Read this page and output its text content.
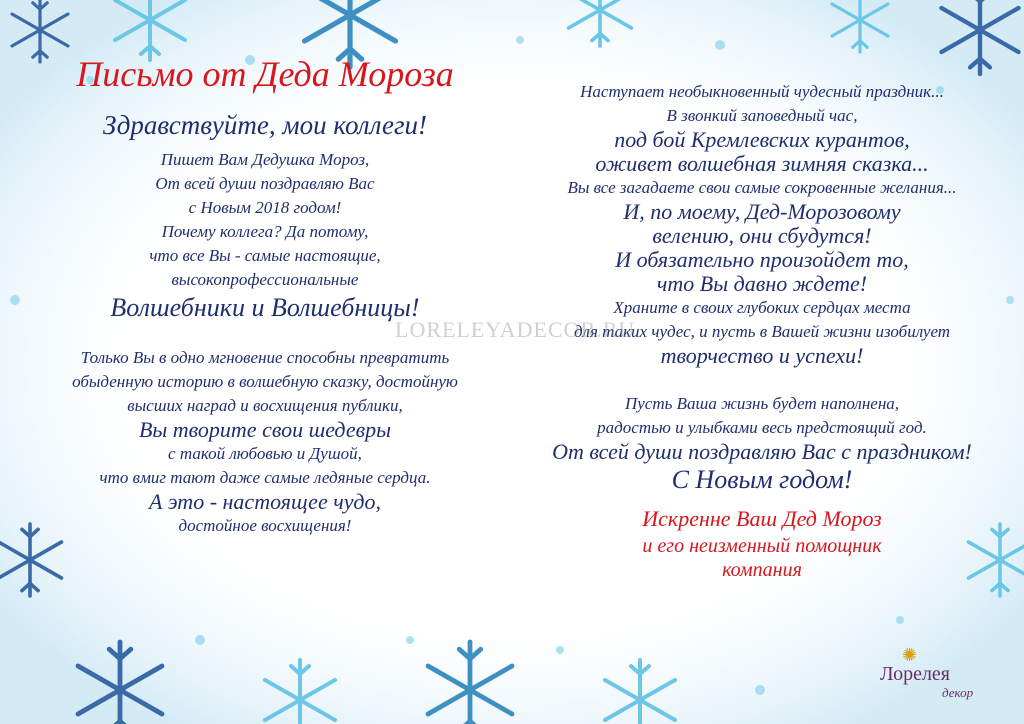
Письмо от Деда Мороза
Здравствуйте, мои коллеги!
Пишет Вам Дедушка Мороз,
От всей души поздравляю Вас
с Новым 2018 годом!
Почему коллега? Да потому,
что все Вы - самые настоящие,
высокопрофессиональные
Волшебники и Волшебницы!
Только Вы в одно мгновение способны превратить
обыденную историю в волшебную сказку, достойную
высших наград и восхищения публики,
Вы творите свои шедевры
с такой любовью и Душой,
что вмиг тают даже самые ледяные сердца.
А это - настоящее чудо,
достойное восхищения!
Наступает необыкновенный чудесный праздник...
В звонкий заповедный час,
под бой Кремлевских курантов,
оживет волшебная зимняя сказка...
Вы все загадаете свои самые сокровенные желания...
И, по моему, Дед-Морозовому
велению, они сбудутся!
И обязательно произойдет то,
что Вы давно ждете!
Храните в своих глубоких сердцах места
для таких чудес, и пусть в Вашей жизни изобилует
творчество и успехи!
Пусть Ваша жизнь будет наполнена,
радостью и улыбками весь предстоящий год.
От всей души поздравляю Вас с праздником!
С Новым годом!
Искренне Ваш Дед Мороз
и его неизменный помощник
компания
LORELEYADECOR.RU
✺
Лорелея
декор
